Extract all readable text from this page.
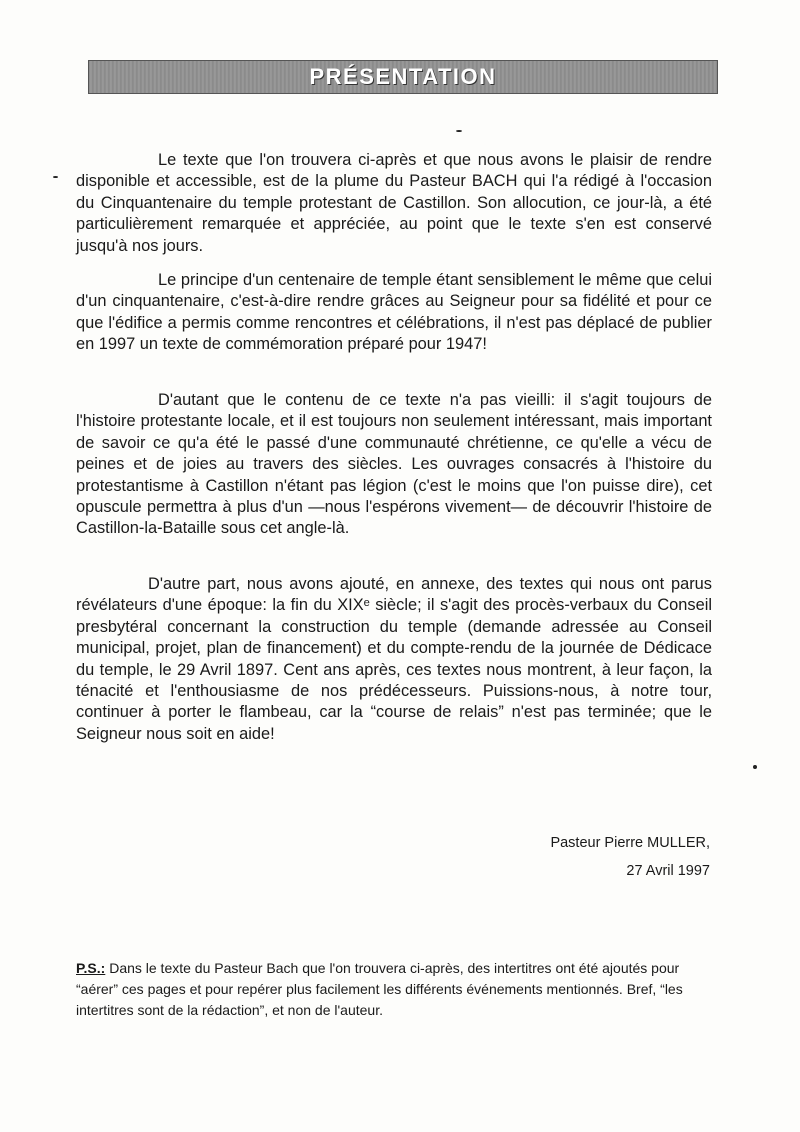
PRÉSENTATION

Le texte que l'on trouvera ci-après et que nous avons le plaisir de rendre disponible et accessible, est de la plume du Pasteur BACH qui l'a rédigé à l'occasion du Cinquantenaire du temple protestant de Castillon. Son allocution, ce jour-là, a été particulièrement remarquée et appréciée, au point que le texte s'en est conservé jusqu'à nos jours.

Le principe d'un centenaire de temple étant sensiblement le même que celui d'un cinquantenaire, c'est-à-dire rendre grâces au Seigneur pour sa fidélité et pour ce que l'édifice a permis comme rencontres et célébrations, il n'est pas déplacé de publier en 1997 un texte de commémoration préparé pour 1947!

D'autant que le contenu de ce texte n'a pas vieilli: il s'agit toujours de l'histoire protestante locale, et il est toujours non seulement intéressant, mais important de savoir ce qu'a été le passé d'une communauté chrétienne, ce qu'elle a vécu de peines et de joies au travers des siècles. Les ouvrages consacrés à l'histoire du protestantisme à Castillon n'étant pas légion (c'est le moins que l'on puisse dire), cet opuscule permettra à plus d'un —nous l'espérons vivement— de découvrir l'histoire de Castillon-la-Bataille sous cet angle-là.

D'autre part, nous avons ajouté, en annexe, des textes qui nous ont parus révélateurs d'une époque: la fin du XIXᵉ siècle; il s'agit des procès-verbaux du Conseil presbytéral concernant la construction du temple (demande adressée au Conseil municipal, projet, plan de financement) et du compte-rendu de la journée de Dédicace du temple, le 29 Avril 1897. Cent ans après, ces textes nous montrent, à leur façon, la ténacité et l'enthousiasme de nos prédécesseurs. Puissions-nous, à notre tour, continuer à porter le flambeau, car la “course de relais” n'est pas terminée; que le Seigneur nous soit en aide!

Pasteur Pierre MULLER,
27 Avril 1997

P.S.: Dans le texte du Pasteur Bach que l'on trouvera ci-après, des intertitres ont été ajoutés pour “aérer” ces pages et pour repérer plus facilement les différents événements mentionnés. Bref, “les intertitres sont de la rédaction”, et non de l'auteur.
